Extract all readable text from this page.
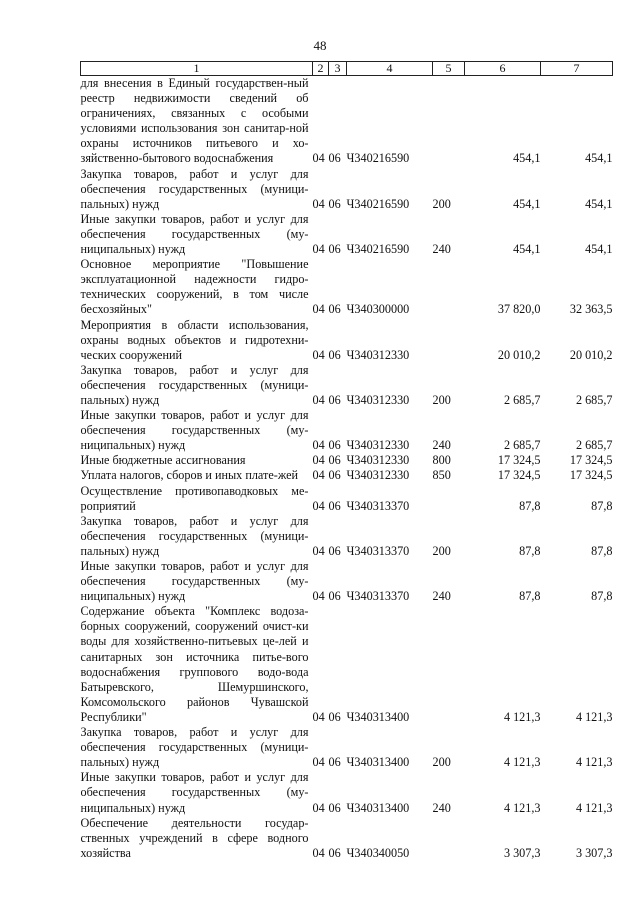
48
1	2	3	4	5	6	7
для внесения в Единый государствен-ный реестр недвижимости сведений об ограничениях, связанных с особыми условиями использования зон санитар-ной охраны источников питьевого и хо-зяйственно-бытового водоснабжения	04	06	Ч340216590		454,1	454,1
Закупка товаров, работ и услуг для обеспечения государственных (муници-пальных) нужд	04	06	Ч340216590	200	454,1	454,1
Иные закупки товаров, работ и услуг для обеспечения государственных (му-ниципальных) нужд	04	06	Ч340216590	240	454,1	454,1
Основное мероприятие "Повышение эксплуатационной надежности гидро-технических сооружений, в том числе бесхозяйных"	04	06	Ч340300000		37 820,0	32 363,5
Мероприятия в области использования, охраны водных объектов и гидротехни-ческих сооружений	04	06	Ч340312330		20 010,2	20 010,2
Закупка товаров, работ и услуг для обеспечения государственных (муници-пальных) нужд	04	06	Ч340312330	200	2 685,7	2 685,7
Иные закупки товаров, работ и услуг для обеспечения государственных (му-ниципальных) нужд	04	06	Ч340312330	240	2 685,7	2 685,7
Иные бюджетные ассигнования	04	06	Ч340312330	800	17 324,5	17 324,5
Уплата налогов, сборов и иных плате-жей	04	06	Ч340312330	850	17 324,5	17 324,5
Осуществление противопаводковых ме-роприятий	04	06	Ч340313370		87,8	87,8
Закупка товаров, работ и услуг для обеспечения государственных (муници-пальных) нужд	04	06	Ч340313370	200	87,8	87,8
Иные закупки товаров, работ и услуг для обеспечения государственных (му-ниципальных) нужд	04	06	Ч340313370	240	87,8	87,8
Содержание объекта "Комплекс водоза-борных сооружений, сооружений очист-ки воды для хозяйственно-питьевых це-лей и санитарных зон источника питье-вого водоснабжения группового водо-вода Батыревского, Шемуршинского, Комсомольского районов Чувашской Республики"	04	06	Ч340313400		4 121,3	4 121,3
Закупка товаров, работ и услуг для обеспечения государственных (муници-пальных) нужд	04	06	Ч340313400	200	4 121,3	4 121,3
Иные закупки товаров, работ и услуг для обеспечения государственных (му-ниципальных) нужд	04	06	Ч340313400	240	4 121,3	4 121,3
Обеспечение деятельности государ-ственных учреждений в сфере водного хозяйства	04	06	Ч340340050		3 307,3	3 307,3
